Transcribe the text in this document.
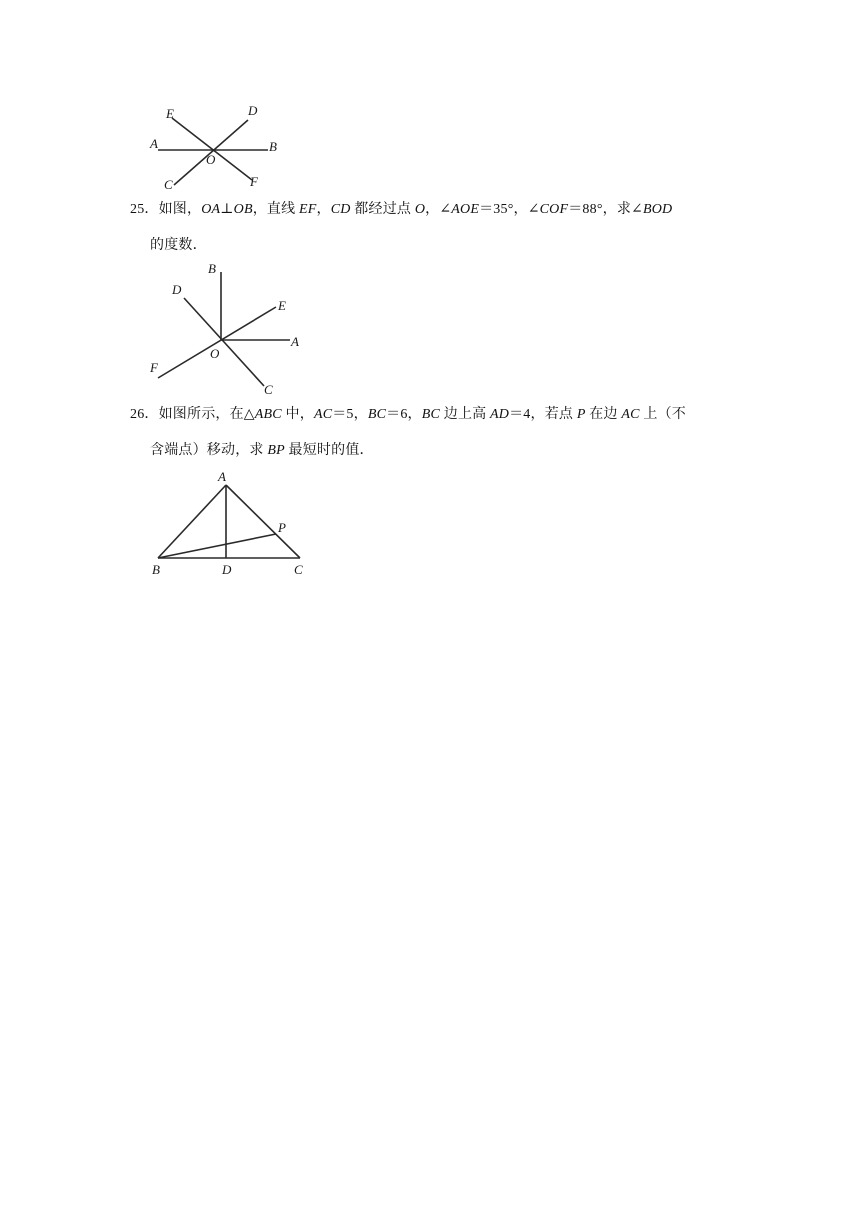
E	D
A
O
B
C	F
25．如图，OA⊥OB，直线 EF，CD 都经过点 O，∠AOE＝35°，∠COF＝88°，求∠BOD
的度数．
B
D
E
A
O
F
C
26．如图所示，在△ABC 中，AC＝5，BC＝6，BC 边上高 AD＝4，若点 P 在边 AC 上（不
含端点）移动，求 BP 最短时的值．
A
P
B	D	C
